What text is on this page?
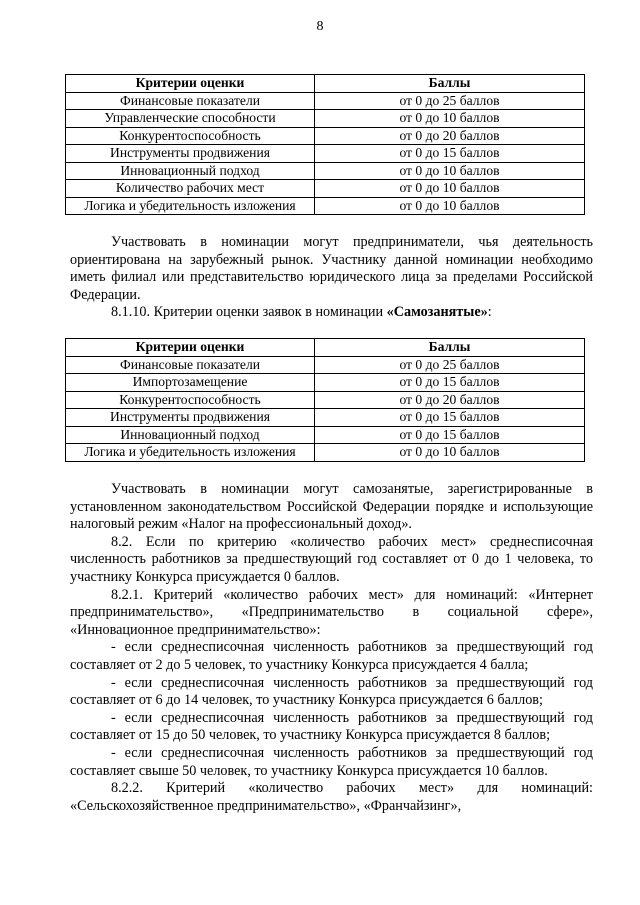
8
Критерии оценки	Баллы
Финансовые показатели	от 0 до 25 баллов
Управленческие способности	от 0 до 10 баллов
Конкурентоспособность	от 0 до 20 баллов
Инструменты продвижения	от 0 до 15 баллов
Инновационный подход	от 0 до 10 баллов
Количество рабочих мест	от 0 до 10 баллов
Логика и убедительность изложения	от 0 до 10 баллов

Участвовать в номинации могут предприниматели, чья деятельность ориентирована на зарубежный рынок. Участнику данной номинации необходимо иметь филиал или представительство юридического лица за пределами Российской Федерации.

8.1.10. Критерии оценки заявок в номинации «Самозанятые»:

Критерии оценки	Баллы
Финансовые показатели	от 0 до 25 баллов
Импортозамещение	от 0 до 15 баллов
Конкурентоспособность	от 0 до 20 баллов
Инструменты продвижения	от 0 до 15 баллов
Инновационный подход	от 0 до 15 баллов
Логика и убедительность изложения	от 0 до 10 баллов

Участвовать в номинации могут самозанятые, зарегистрированные в установленном законодательством Российской Федерации порядке и использующие налоговый режим «Налог на профессиональный доход».

8.2. Если по критерию «количество рабочих мест» среднесписочная численность работников за предшествующий год составляет от 0 до 1 человека, то участнику Конкурса присуждается 0 баллов.

8.2.1. Критерий «количество рабочих мест» для номинаций: «Интернет предпринимательство», «Предпринимательство в социальной сфере», «Инновационное предпринимательство»:

- если среднесписочная численность работников за предшествующий год составляет от 2 до 5 человек, то участнику Конкурса присуждается 4 балла;

- если среднесписочная численность работников за предшествующий год составляет от 6 до 14 человек, то участнику Конкурса присуждается 6 баллов;

- если среднесписочная численность работников за предшествующий год составляет от 15 до 50 человек, то участнику Конкурса присуждается 8 баллов;

- если среднесписочная численность работников за предшествующий год составляет свыше 50 человек, то участнику Конкурса присуждается 10 баллов.

8.2.2. Критерий «количество рабочих мест» для номинаций: «Сельскохозяйственное предпринимательство», «Франчайзинг»,
